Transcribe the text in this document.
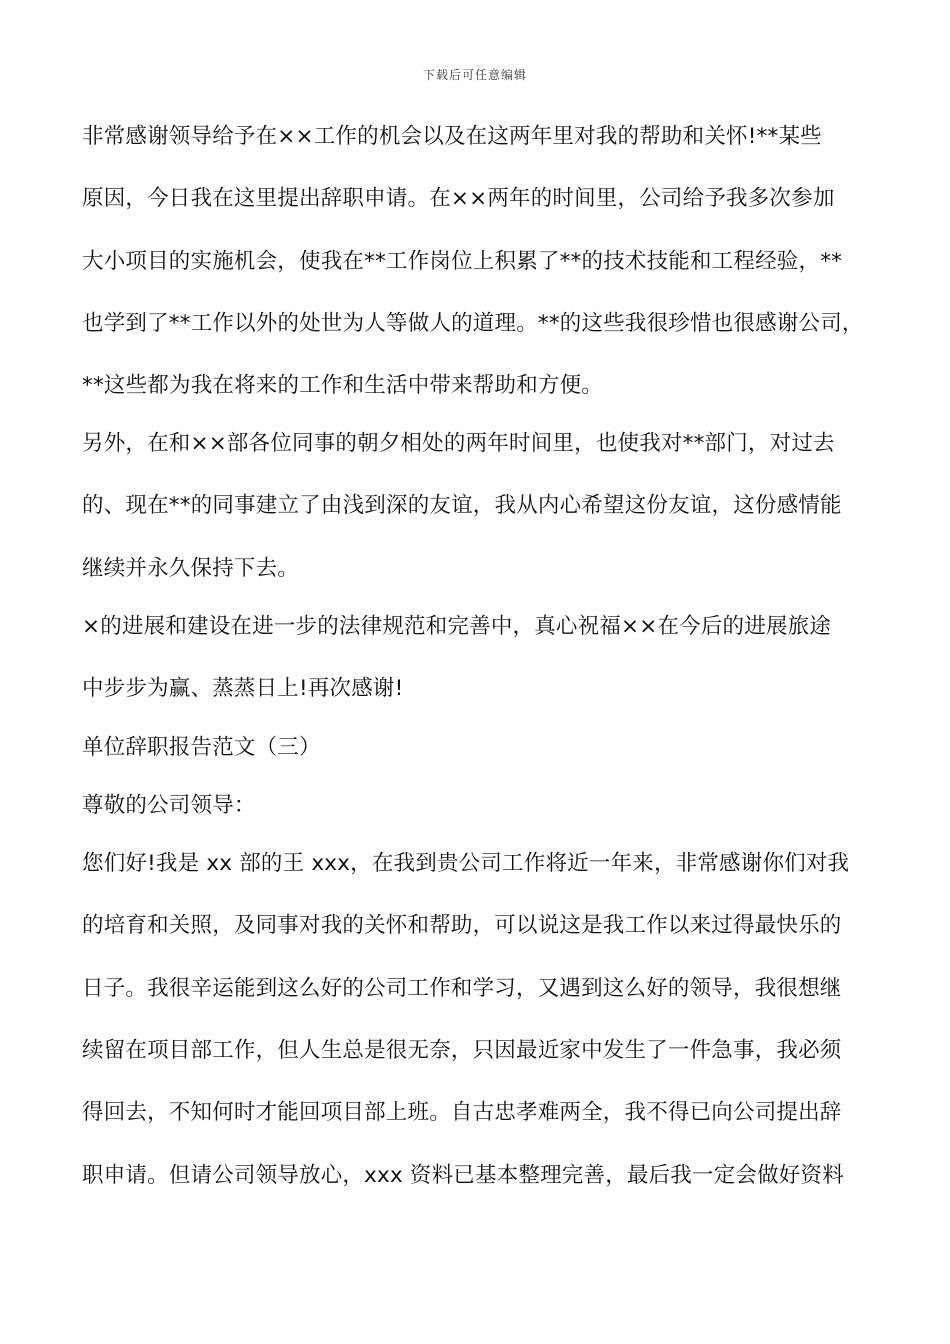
下载后可任意编辑
非常感谢领导给予在××工作的机会以及在这两年里对我的帮助和关怀!**某些
原因，今日我在这里提出辞职申请。在××两年的时间里，公司给予我多次参加
大小项目的实施机会，使我在**工作岗位上积累了**的技术技能和工程经验，**
也学到了**工作以外的处世为人等做人的道理。**的这些我很珍惜也很感谢公司，
**这些都为我在将来的工作和生活中带来帮助和方便。
另外，在和××部各位同事的朝夕相处的两年时间里，也使我对**部门，对过去
的、现在**的同事建立了由浅到深的友谊，我从内心希望这份友谊，这份感情能
继续并永久保持下去。
×的进展和建设在进一步的法律规范和完善中，真心祝福××在今后的进展旅途
中步步为赢、蒸蒸日上!再次感谢!
单位辞职报告范文（三）
尊敬的公司领导：
您们好!我是 xx 部的王 xxx，在我到贵公司工作将近一年来，非常感谢你们对我
的培育和关照，及同事对我的关怀和帮助，可以说这是我工作以来过得最快乐的
日子。我很辛运能到这么好的公司工作和学习，又遇到这么好的领导，我很想继
续留在项目部工作，但人生总是很无奈，只因最近家中发生了一件急事，我必须
得回去，不知何时才能回项目部上班。自古忠孝难两全，我不得已向公司提出辞
职申请。但请公司领导放心，xxx 资料已基本整理完善，最后我一定会做好资料
